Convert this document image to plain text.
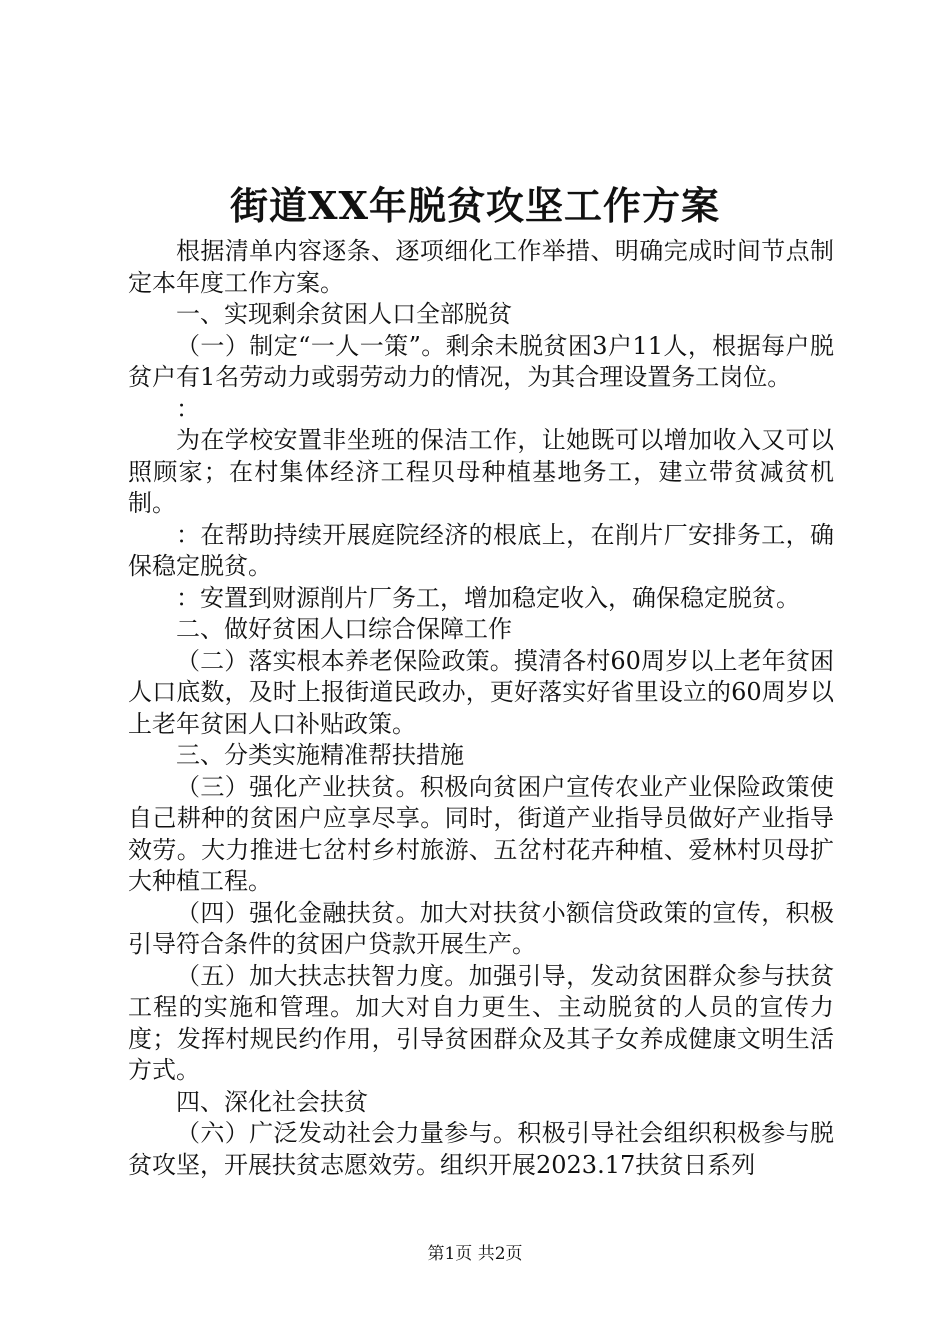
街道XX年脱贫攻坚工作方案

根据清单内容逐条、逐项细化工作举措、明确完成时间节点制定本年度工作方案。

一、实现剩余贫困人口全部脱贫

（一）制定“一人一策”。剩余未脱贫困3户11人，根据每户脱贫户有1名劳动力或弱劳动力的情况，为其合理设置务工岗位。

：

为在学校安置非坐班的保洁工作，让她既可以增加收入又可以照顾家；在村集体经济工程贝母种植基地务工，建立带贫减贫机制。

：在帮助持续开展庭院经济的根底上，在削片厂安排务工，确保稳定脱贫。

：安置到财源削片厂务工，增加稳定收入，确保稳定脱贫。

二、做好贫困人口综合保障工作

（二）落实根本养老保险政策。摸清各村60周岁以上老年贫困人口底数，及时上报街道民政办，更好落实好省里设立的60周岁以上老年贫困人口补贴政策。

三、分类实施精准帮扶措施

（三）强化产业扶贫。积极向贫困户宣传农业产业保险政策使自己耕种的贫困户应享尽享。同时，街道产业指导员做好产业指导效劳。大力推进七岔村乡村旅游、五岔村花卉种植、爱林村贝母扩大种植工程。

（四）强化金融扶贫。加大对扶贫小额信贷政策的宣传，积极引导符合条件的贫困户贷款开展生产。

（五）加大扶志扶智力度。加强引导，发动贫困群众参与扶贫工程的实施和管理。加大对自力更生、主动脱贫的人员的宣传力度；发挥村规民约作用，引导贫困群众及其子女养成健康文明生活方式。

四、深化社会扶贫

（六）广泛发动社会力量参与。积极引导社会组织积极参与脱贫攻坚，开展扶贫志愿效劳。组织开展2023.17扶贫日系列

第1页 共2页
